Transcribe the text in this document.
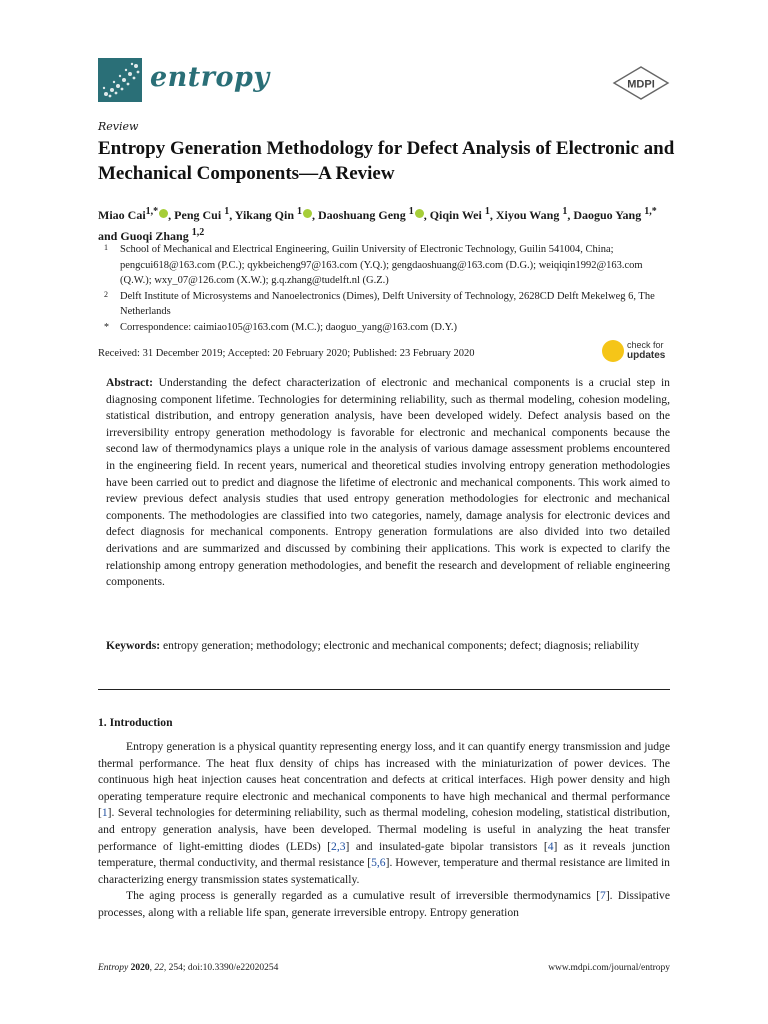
entropy	MDPI
Review
Entropy Generation Methodology for Defect Analysis of Electronic and Mechanical Components—A Review
Miao Cai$^{1,*}$ , Peng Cui $^1$, Yikang Qin $^1$ , Daoshuang Geng $^1$ , Qiqin Wei $^1$, Xiyou Wang $^1$, Daoguo Yang $^{1,*}$ and Guoqi Zhang $^{1,2}$
1 School of Mechanical and Electrical Engineering, Guilin University of Electronic Technology, Guilin 541004, China; pengcui618@163.com (P.C.); qykbeicheng97@163.com (Y.Q.); gengdaoshuang@163.com (D.G.); weiqiqin1992@163.com (Q.W.); wxy_07@126.com (X.W.); g.q.zhang@tudelft.nl (G.Z.)
2 Delft Institute of Microsystems and Nanoelectronics (Dimes), Delft University of Technology, 2628CD Delft Mekelweg 6, The Netherlands
* Correspondence: caimiao105@163.com (M.C.); daoguo_yang@163.com (D.Y.)
Received: 31 December 2019; Accepted: 20 February 2020; Published: 23 February 2020
check for
updates
Abstract: Understanding the defect characterization of electronic and mechanical components is a crucial step in diagnosing component lifetime. Technologies for determining reliability, such as thermal modeling, cohesion modeling, statistical distribution, and entropy generation analysis, have been developed widely. Defect analysis based on the irreversibility entropy generation methodology is favorable for electronic and mechanical components because the second law of thermodynamics plays a unique role in the analysis of various damage assessment problems encountered in the engineering field. In recent years, numerical and theoretical studies involving entropy generation methodologies have been carried out to predict and diagnose the lifetime of electronic and mechanical components. This work aimed to review previous defect analysis studies that used entropy generation methodologies for electronic and mechanical components. The methodologies are classified into two categories, namely, damage analysis for electronic devices and defect diagnosis for mechanical components. Entropy generation formulations are also divided into two detailed derivations and are summarized and discussed by combining their applications. This work is expected to clarify the relationship among entropy generation methodologies, and benefit the research and development of reliable engineering components.
Keywords: entropy generation; methodology; electronic and mechanical components; defect; diagnosis; reliability
1. Introduction

Entropy generation is a physical quantity representing energy loss, and it can quantify energy transmission and judge thermal performance. The heat flux density of chips has increased with the miniaturization of power devices. The continuous high heat injection causes heat concentration and defects at critical interfaces. High power density and high operating temperature require electronic and mechanical components to have high mechanical and thermal performance [1]. Several technologies for determining reliability, such as thermal modeling, cohesion modeling, statistical distribution, and entropy generation analysis, have been developed. Thermal modeling is useful in analyzing the heat transfer performance of light-emitting diodes (LEDs) [2,3] and insulated-gate bipolar transistors [4] as it reveals junction temperature, thermal conductivity, and thermal resistance [5,6]. However, temperature and thermal resistance are limited in characterizing energy transmission states systematically.

The aging process is generally regarded as a cumulative result of irreversible thermodynamics [7]. Dissipative processes, along with a reliable life span, generate irreversible entropy. Entropy generation

Entropy 2020, 22, 254; doi:10.3390/e22020254	www.mdpi.com/journal/entropy
